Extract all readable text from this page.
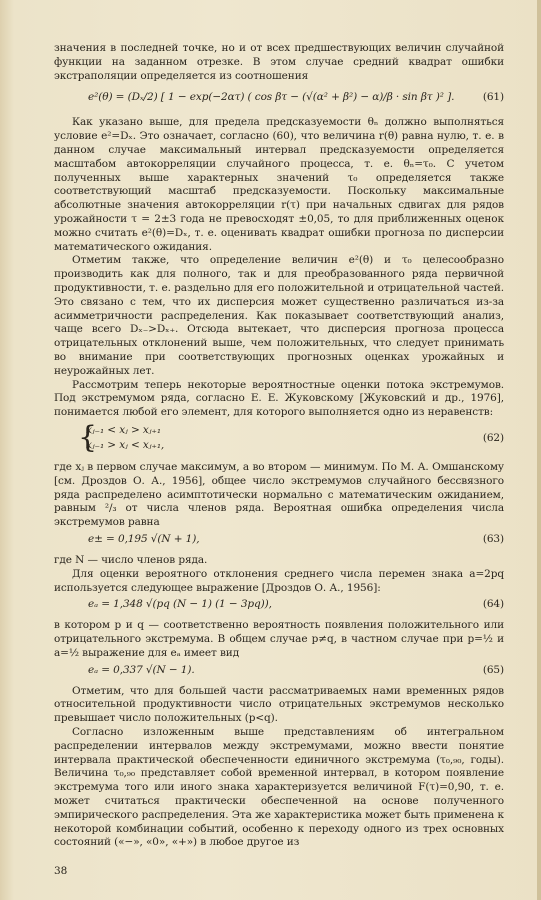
значения в последней точке, но и от всех предшествующих величин случайной функции на заданном отрезке. В этом случае средний квадрат ошибки экстраполяции определяется из соотношения

e²(θ) = (Dₓ/2) [ 1 − exp(−2ατ) ( cos βτ − (√(α² + β²) − α)/β · sin βτ )² ].	(61)

Как указано выше, для предела предсказуемости θₙ должно выполняться условие e²=Dₓ. Это означает, согласно (60), что величина r(θ) равна нулю, т. е. в данном случае максимальный интервал предсказуемости определяется масштабом автокорреляции случайного процесса, т. е. θₙ=τ₀. С учетом полученных выше характерных значений τ₀ определяется также соответствующий масштаб предсказуемости. Поскольку максимальные абсолютные значения автокорреляции r(τ) при начальных сдвигах для рядов урожайности τ = 2±3 года не превосходят ±0,05, то для приближенных оценок можно считать e²(θ)=Dₓ, т. е. оценивать квадрат ошибки прогноза по дисперсии математического ожидания.

Отметим также, что определение величин e²(θ) и τ₀ целесообразно производить как для полного, так и для преобразованного ряда первичной продуктивности, т. е. раздельно для его положительной и отрицательной частей. Это связано с тем, что их дисперсия может существенно различаться из-за асимметричности распределения. Как показывает соответствующий анализ, чаще всего Dₓ₋>Dₓ₊. Отсюда вытекает, что дисперсия прогноза процесса отрицательных отклонений выше, чем положительных, что следует принимать во внимание при соответствующих прогнозных оценках урожайных и неурожайных лет.

Рассмотрим теперь некоторые вероятностные оценки потока экстремумов. Под экстремумом ряда, согласно Е. Е. Жуковскому [Жуковский и др., 1976], понимается любой его элемент, для которого выполняется одно из неравенств:

{
xⱼ₋₁ < xⱼ > xⱼ₊₁
xⱼ₋₁ > xⱼ < xⱼ₊₁,
(62)

где xⱼ в первом случае максимум, а во втором — минимум. По М. А. Омшанскому [см. Дроздов О. А., 1956], общее число экстремумов случайного бессвязного ряда распределено асимптотически нормально с математическим ожиданием, равным ²/₃ от числа членов ряда. Вероятная ошибка определения числа экстремумов равна

e± = 0,195 √(N + 1),	(63)

где N — число членов ряда.

Для оценки вероятного отклонения среднего числа перемен знака a=2pq используется следующее выражение [Дроздов О. А., 1956]:

eₐ = 1,348 √(pq (N − 1) (1 − 3pq)),	(64)

в котором p и q — соответственно вероятность появления положительного или отрицательного экстремума. В общем случае p≠q, в частном случае при p=½ и a=½ выражение для eₐ имеет вид

eₐ = 0,337 √(N − 1).	(65)

Отметим, что для большей части рассматриваемых нами временных рядов относительной продуктивности число отрицательных экстремумов несколько превышает число положительных (p<q).

Согласно изложенным выше представлениям об интегральном распределении интервалов между экстремумами, можно ввести понятие интервала практической обеспеченности единичного экстремума (τ₀,₉₀, годы). Величина τ₀,₉₀ представляет собой временной интервал, в котором появление экстремума того или иного знака характеризуется величиной F(τ)=0,90, т. е. может считаться практически обеспеченной на основе полученного эмпирического распределения. Эта же характеристика может быть применена к некоторой комбинации событий, особенно к переходу одного из трех основных состояний («−», «0», «+») в любое другое из

38
